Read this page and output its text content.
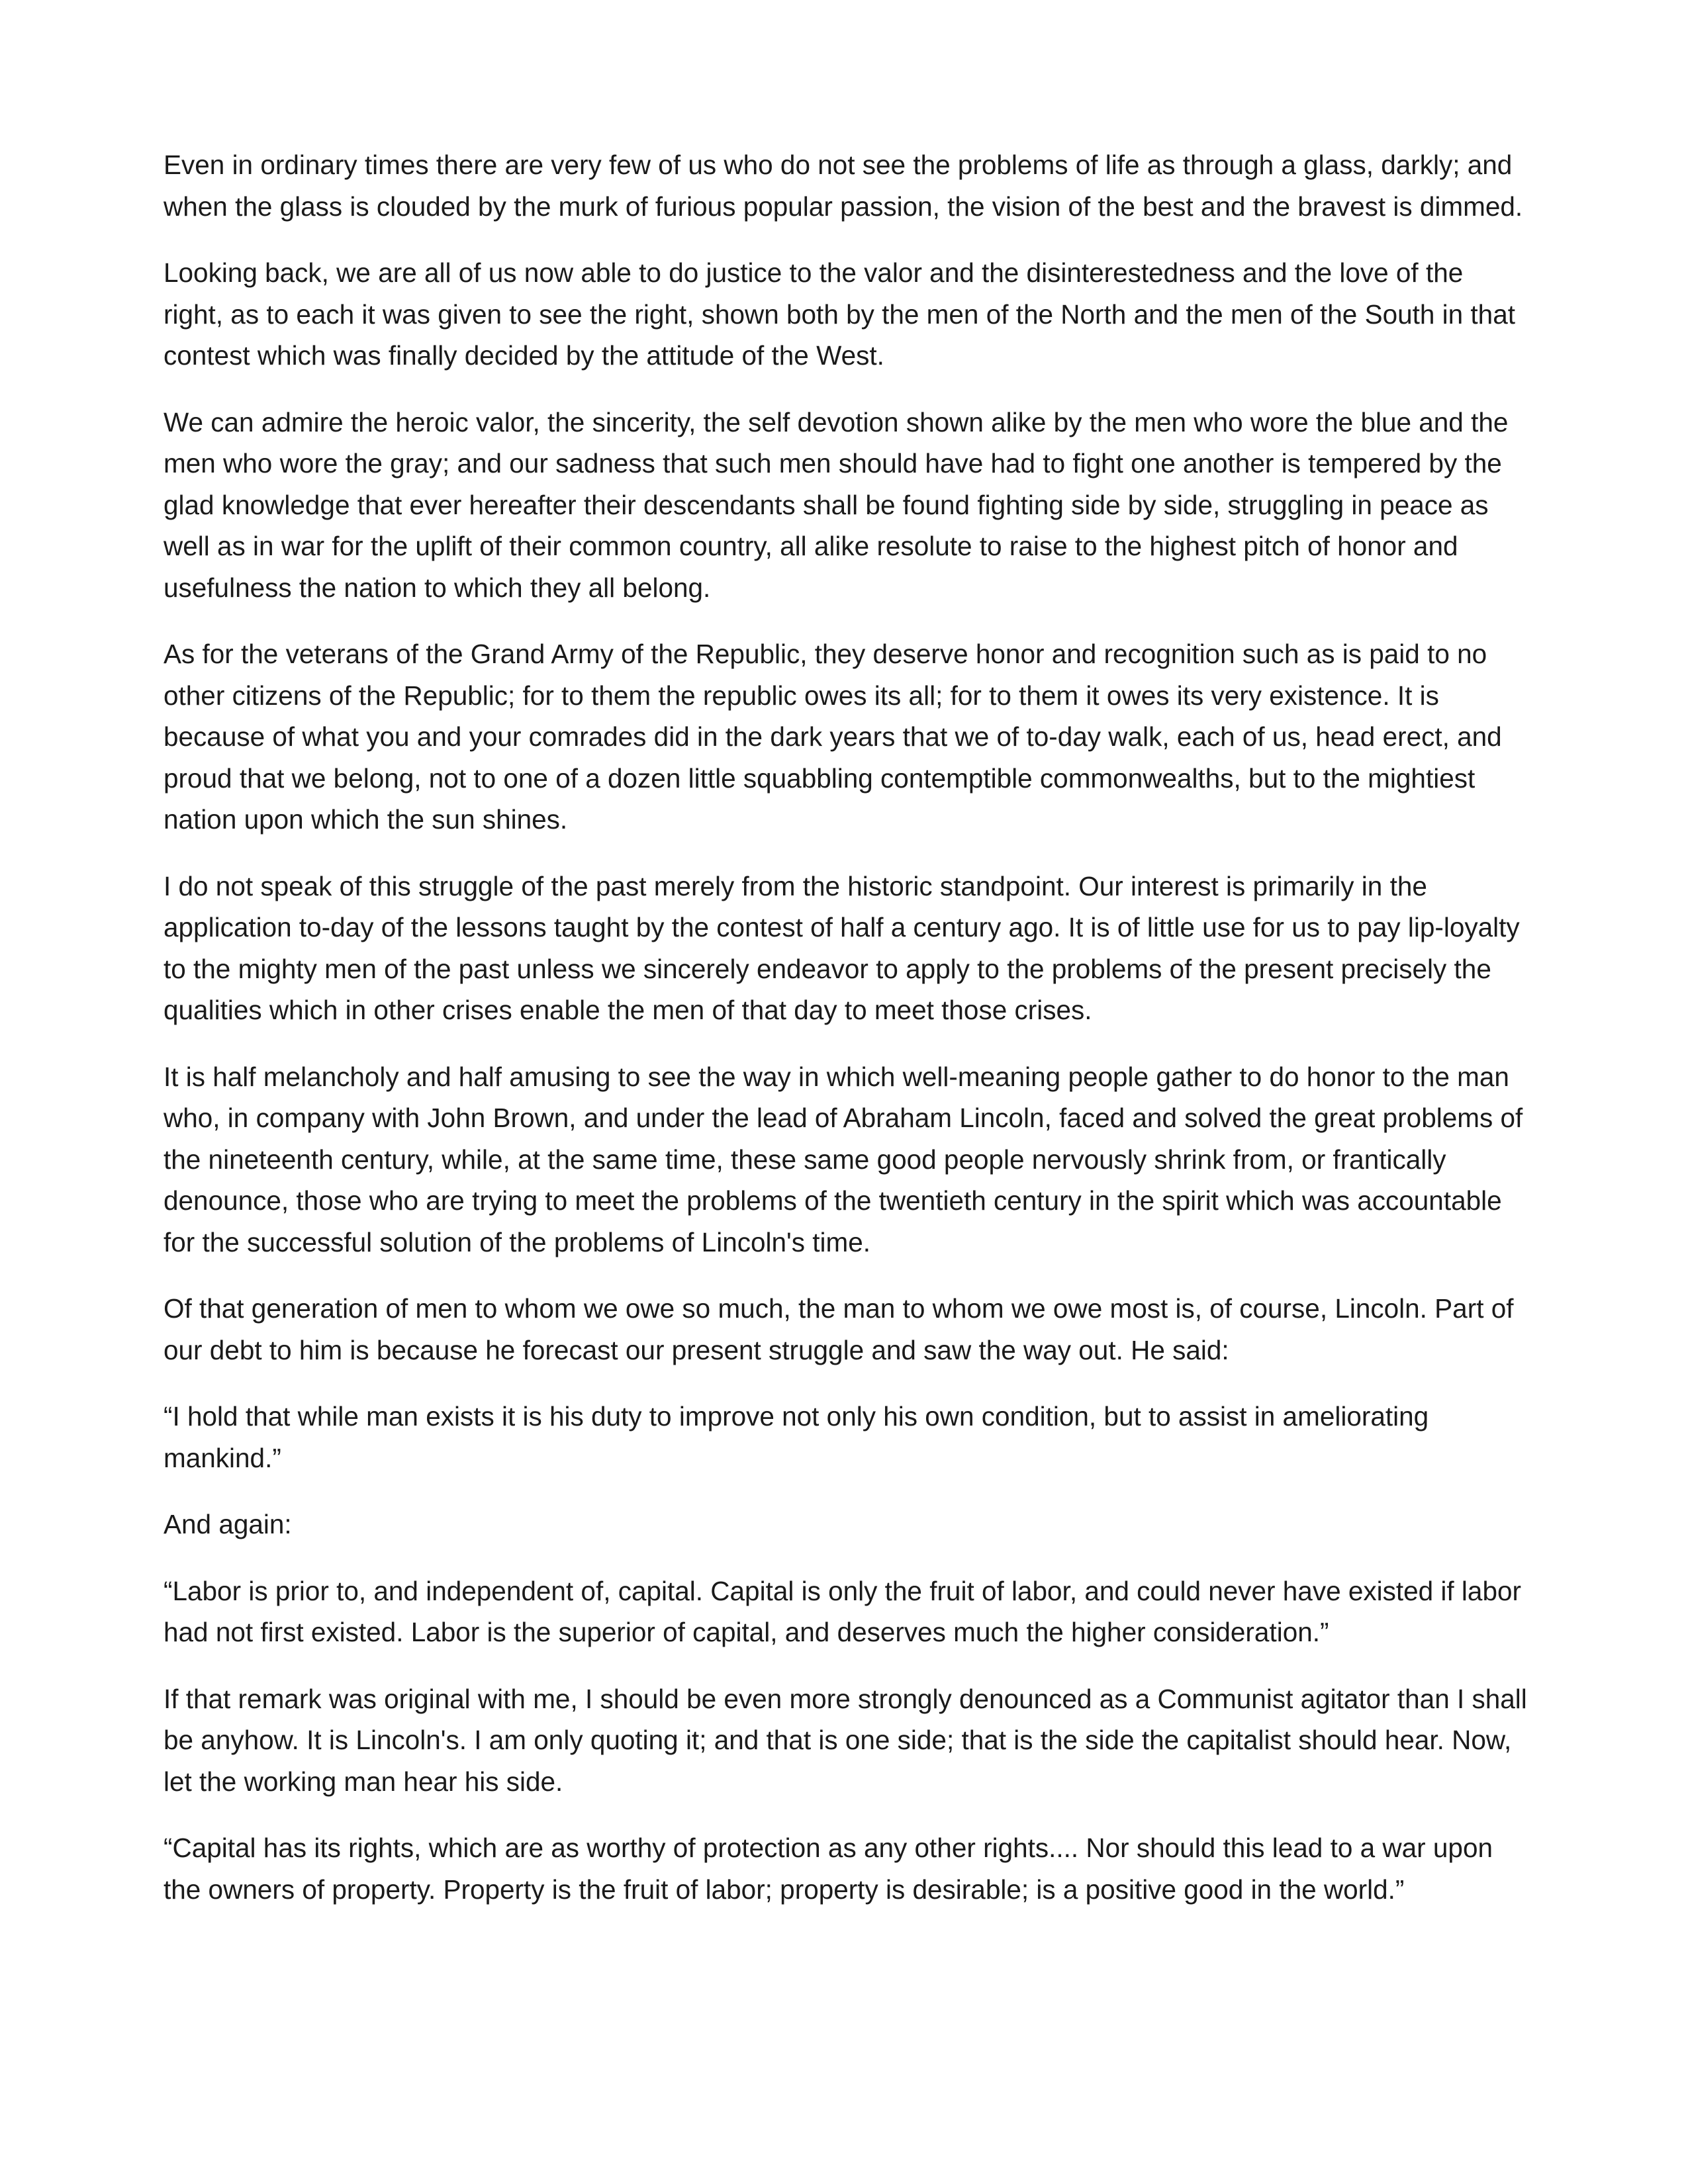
Even in ordinary times there are very few of us who do not see the problems of life as through a glass, darkly; and when the glass is clouded by the murk of furious popular passion, the vision of the best and the bravest is dimmed.

Looking back, we are all of us now able to do justice to the valor and the disinterestedness and the love of the right, as to each it was given to see the right, shown both by the men of the North and the men of the South in that contest which was finally decided by the attitude of the West.

We can admire the heroic valor, the sincerity, the self devotion shown alike by the men who wore the blue and the men who wore the gray; and our sadness that such men should have had to fight one another is tempered by the glad knowledge that ever hereafter their descendants shall be found fighting side by side, struggling in peace as well as in war for the uplift of their common country, all alike resolute to raise to the highest pitch of honor and usefulness the nation to which they all belong.

As for the veterans of the Grand Army of the Republic, they deserve honor and recognition such as is paid to no other citizens of the Republic; for to them the republic owes its all; for to them it owes its very existence. It is because of what you and your comrades did in the dark years that we of to-day walk, each of us, head erect, and proud that we belong, not to one of a dozen little squabbling contemptible commonwealths, but to the mightiest nation upon which the sun shines.

I do not speak of this struggle of the past merely from the historic standpoint. Our interest is primarily in the application to-day of the lessons taught by the contest of half a century ago. It is of little use for us to pay lip-loyalty to the mighty men of the past unless we sincerely endeavor to apply to the problems of the present precisely the qualities which in other crises enable the men of that day to meet those crises.

It is half melancholy and half amusing to see the way in which well-meaning people gather to do honor to the man who, in company with John Brown, and under the lead of Abraham Lincoln, faced and solved the great problems of the nineteenth century, while, at the same time, these same good people nervously shrink from, or frantically denounce, those who are trying to meet the problems of the twentieth century in the spirit which was accountable for the successful solution of the problems of Lincoln's time.

Of that generation of men to whom we owe so much, the man to whom we owe most is, of course, Lincoln. Part of our debt to him is because he forecast our present struggle and saw the way out. He said:

“I hold that while man exists it is his duty to improve not only his own condition, but to assist in ameliorating mankind.”

And again:

“Labor is prior to, and independent of, capital. Capital is only the fruit of labor, and could never have existed if labor had not first existed. Labor is the superior of capital, and deserves much the higher consideration.”

If that remark was original with me, I should be even more strongly denounced as a Communist agitator than I shall be anyhow. It is Lincoln's. I am only quoting it; and that is one side; that is the side the capitalist should hear. Now, let the working man hear his side.

“Capital has its rights, which are as worthy of protection as any other rights.... Nor should this lead to a war upon the owners of property. Property is the fruit of labor; property is desirable; is a positive good in the world.”
